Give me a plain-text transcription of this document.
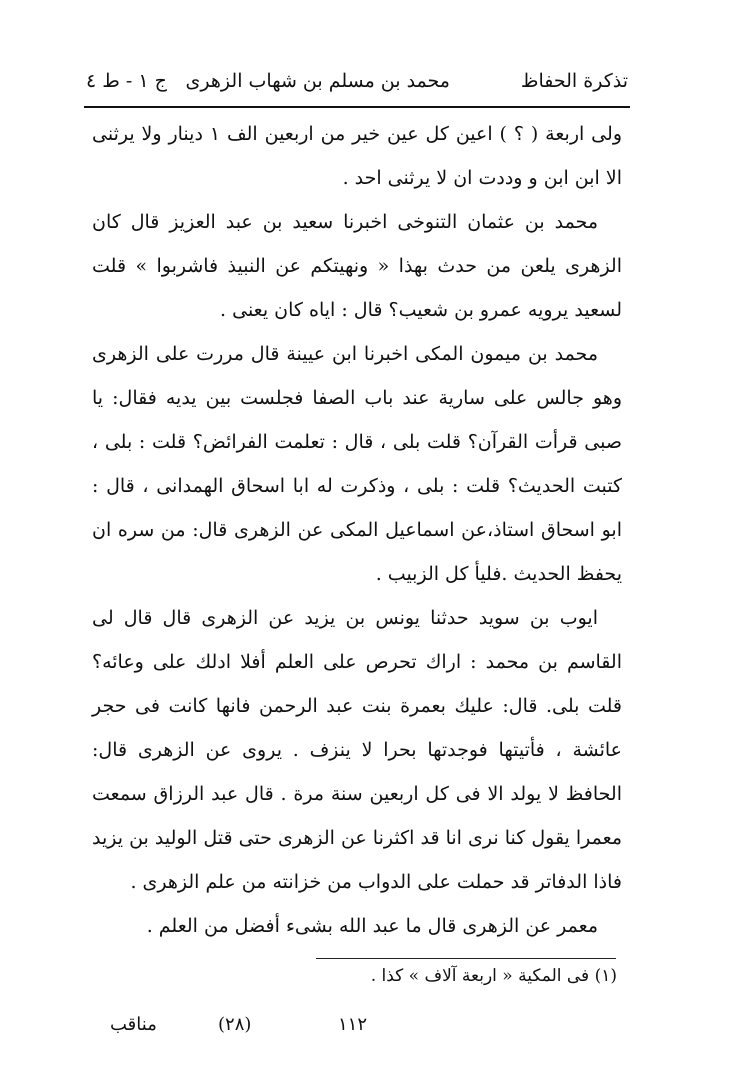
تذكرة الحفاظ
محمد بن مسلم بن شهاب الزهرى
ج ١ - ط ٤

ولى اربعة ( ؟ ) اعين كل عين خير من اربعين الف ١ دينار ولا يرثنى الا ابن ابن و وددت ان لا يرثنى احد .

محمد بن عثمان التنوخى اخبرنا سعيد بن عبد العزيز قال كان الزهرى يلعن من حدث بهذا « ونهيتكم عن النبيذ فاشربوا » قلت لسعيد يرويه عمرو بن شعيب؟ قال : اياه كان يعنى .

محمد بن ميمون المكى اخبرنا ابن عيينة قال مررت على الزهرى وهو جالس على سارية عند باب الصفا فجلست بين يديه فقال: يا صبى قرأت القرآن؟ قلت بلى ، قال : تعلمت الفرائض؟ قلت : بلى ، كتبت الحديث؟ قلت : بلى ، وذكرت له ابا اسحاق الهمدانى ، قال : ابو اسحاق استاذ،عن اسماعيل المكى عن الزهرى قال: من سره ان يحفظ الحديث .فليأ كل الزبيب .

ايوب بن سويد حدثنا يونس بن يزيد عن الزهرى قال قال لى القاسم بن محمد : اراك تحرص على العلم أفلا ادلك على وعائه؟ قلت بلى. قال: عليك بعمرة بنت عبد الرحمن فانها كانت فى حجر عائشة ، فأتيتها فوجدتها بحرا لا ينزف . يروى عن الزهرى قال: الحافظ لا يولد الا فى كل اربعين سنة مرة . قال عبد الرزاق سمعت معمرا يقول كنا نرى انا قد اكثرنا عن الزهرى حتى قتل الوليد بن يزيد فاذا الدفاتر قد حملت على الدواب من خزانته من علم الزهرى .

معمر عن الزهرى قال ما عبد الله بشىء أفضل من العلم .

(١) فى المكية « اربعة آلاف » كذا .
١١٢
(٢٨)
مناقب
